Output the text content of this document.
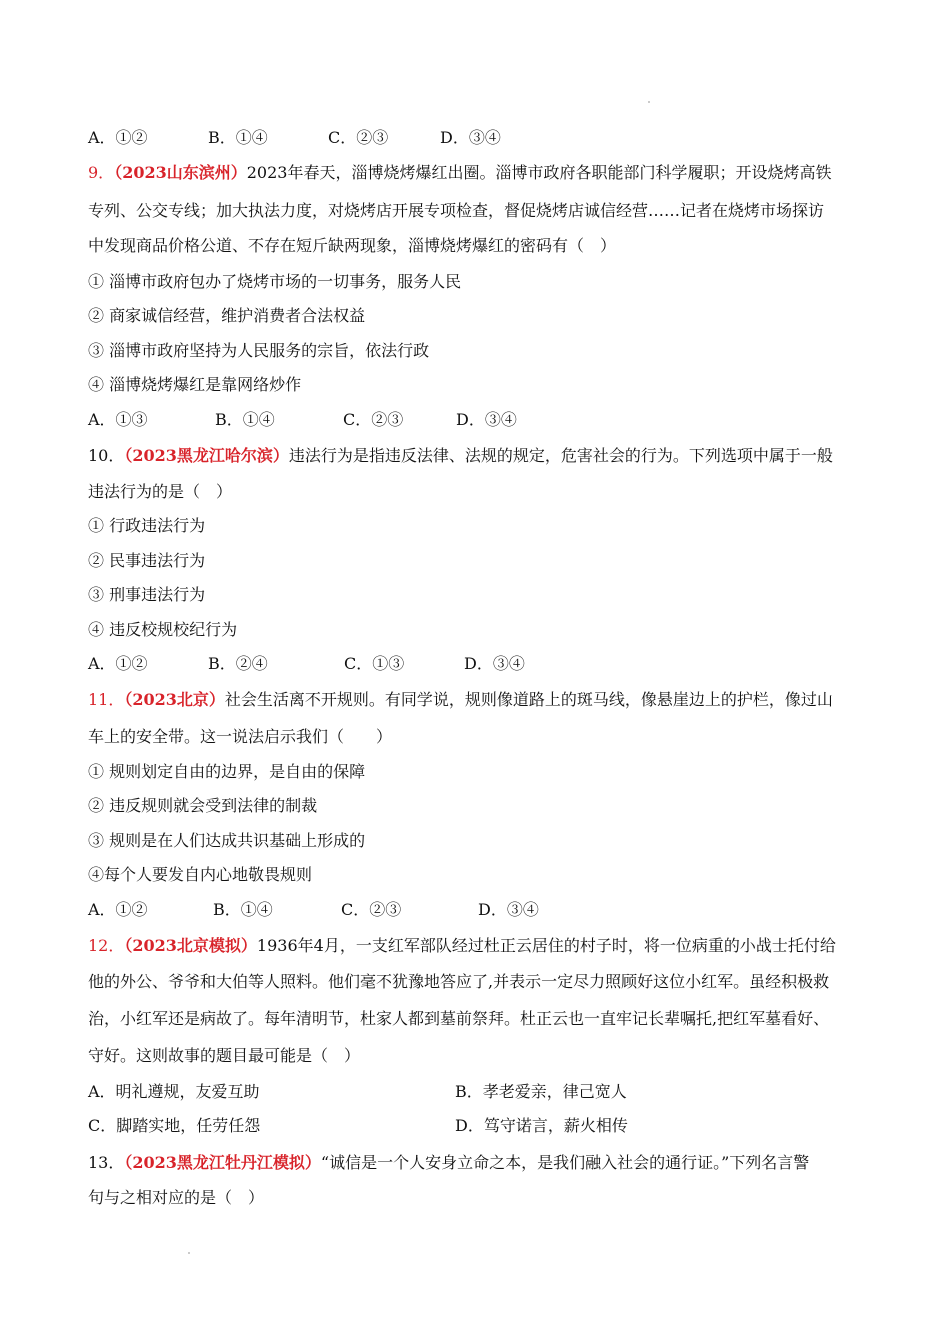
A．①②	B．①④	C．②③	D．③④
9．（2023山东滨州）2023年春天，淄博烧烤爆红出圈。淄博市政府各职能部门科学履职；开设烧烤高铁
专列、公交专线；加大执法力度，对烧烤店开展专项检查，督促烧烤店诚信经营……记者在烧烤市场探访
中发现商品价格公道、不存在短斤缺两现象，淄博烧烤爆红的密码有（　）
① 淄博市政府包办了烧烤市场的一切事务，服务人民
② 商家诚信经营，维护消费者合法权益
③ 淄博市政府坚持为人民服务的宗旨，依法行政
④ 淄博烧烤爆红是靠网络炒作
A．①③	B．①④	C．②③	D．③④
10．（2023黑龙江哈尔滨）违法行为是指违反法律、法规的规定，危害社会的行为。下列选项中属于一般
违法行为的是（　）
① 行政违法行为
② 民事违法行为
③ 刑事违法行为
④ 违反校规校纪行为
A．①②	B．②④	C．①③	D．③④
11．（2023北京）社会生活离不开规则。有同学说，规则像道路上的斑马线，像悬崖边上的护栏，像过山
车上的安全带。这一说法启示我们（　　）
① 规则划定自由的边界，是自由的保障
② 违反规则就会受到法律的制裁
③ 规则是在人们达成共识基础上形成的
④每个人要发自内心地敬畏规则
A．①②	B．①④	C．②③	D．③④
12．（2023北京模拟）1936年4月，一支红军部队经过杜正云居住的村子时，将一位病重的小战士托付给
他的外公、爷爷和大伯等人照料。他们毫不犹豫地答应了,并表示一定尽力照顾好这位小红军。虽经积极救
治，小红军还是病故了。每年清明节，杜家人都到墓前祭拜。杜正云也一直牢记长辈嘱托,把红军墓看好、
守好。这则故事的题目最可能是（　）
A．明礼遵规，友爱互助	B．孝老爱亲，律己宽人
C．脚踏实地，任劳任怨	D．笃守诺言，薪火相传
13．（2023黑龙江牡丹江模拟）“诚信是一个人安身立命之本，是我们融入社会的通行证。”下列名言警
句与之相对应的是（　）
